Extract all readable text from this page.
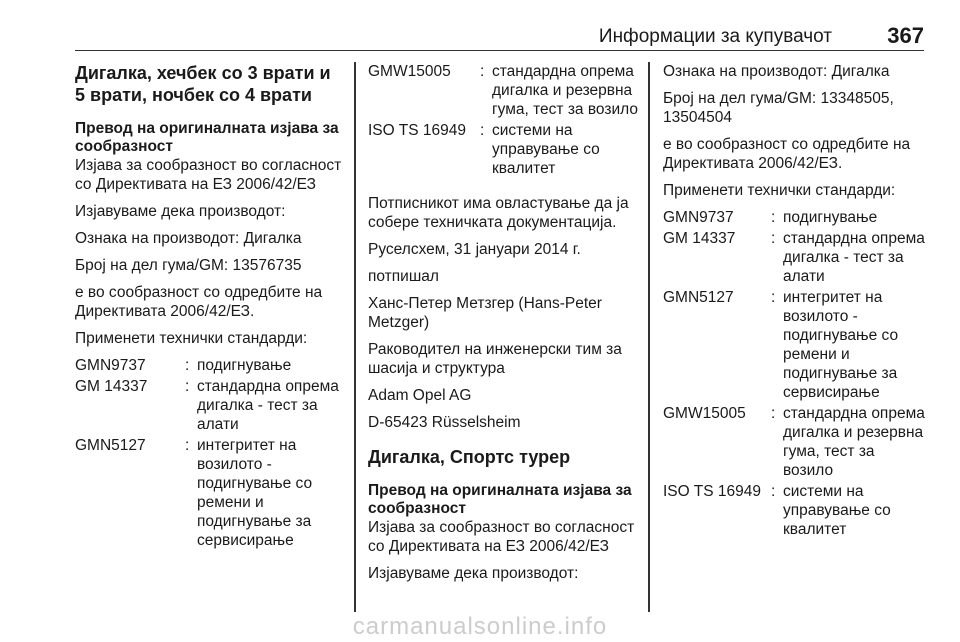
Информации за купувачот	367
Дигалка, хечбек со 3 врати и 5 врати, ночбек со 4 врати
Превод на оригиналната изјава за сообразност

Изјава за сообразност во согласност со Директивата на ЕЗ 2006/42/ЕЗ

Изјавуваме дека производот:

Ознака на производот: Дигалка

Број на дел гума/GM: 13576735

е во сообразност со одредбите на Директивата 2006/42/ЕЗ.

Применети технички стандарди:

GMN9737	: подигнување
GM 14337	: стандардна опрема дигалка - тест за алати
GMN5127	: интегритет на возилото - подигнување со ремени и подигнување за сервисирање
GMW15005	: стандардна опрема дигалка и резервна гума, тест за возило
ISO TS 16949 : системи на управување со квалитет

Потписникот има овластување да ја собере техничката документација.

Руселсхем, 31 јануари 2014 г.

потпишал

Ханс-Петер Метзгер (Hans-Peter Metzger)

Раководител на инженерски тим за шасија и структура

Adam Opel AG

D-65423 Rüsselsheim

Дигалка, Спортс турер
Превод на оригиналната изјава за сообразност

Изјава за сообразност во согласност со Директивата на ЕЗ 2006/42/ЕЗ

Изјавуваме дека производот:

Ознака на производот: Дигалка

Број на дел гума/GM: 13348505, 13504504

е во сообразност со одредбите на Директивата 2006/42/ЕЗ.

Применети технички стандарди:

GMN9737	: подигнување
GM 14337	: стандардна опрема дигалка - тест за алати
GMN5127	: интегритет на возилото - подигнување со ремени и подигнување за сервисирање
GMW15005	: стандардна опрема дигалка и резервна гума, тест за возило
ISO TS 16949 : системи на управување со квалитет
carmanualsonline.info
